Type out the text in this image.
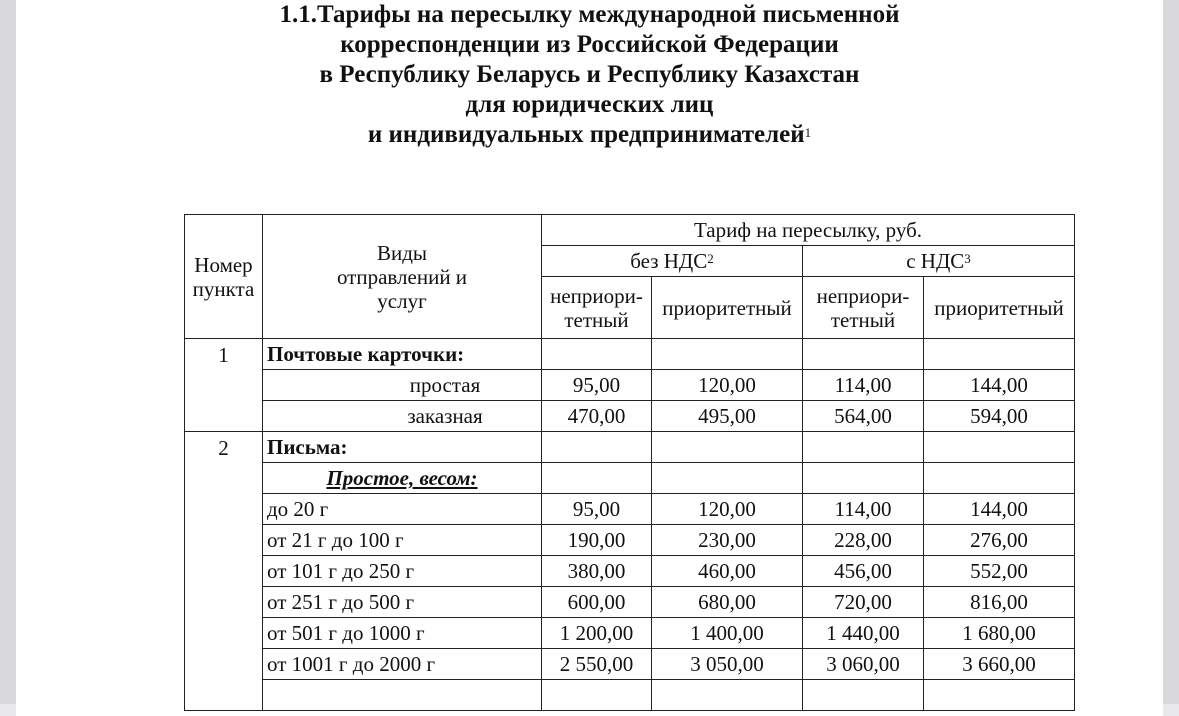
1.1.Тарифы на пересылку международной письменной
корреспонденции из Российской Федерации
в Республику Беларусь и Республику Казахстан
для юридических лиц
и индивидуальных предпринимателей$^1$
Номер пункта	Виды отправлений и услуг	Тариф на пересылку, руб.			
		без НДС$^2$		с НДС$^3$
		неприори-тетный	приоритетный	неприори-тетный	приоритетный
1	Почтовые карточки:				
	простая	95,00	120,00	114,00	144,00
	заказная	470,00	495,00	564,00	594,00
2	Письма:				
	Простое, весом:				
	до 20 г	95,00	120,00	114,00	144,00
	от 21 г до 100 г	190,00	230,00	228,00	276,00
	от 101 г до 250 г	380,00	460,00	456,00	552,00
	от 251 г до 500 г	600,00	680,00	720,00	816,00
	от 501 г до 1000 г	1 200,00	1 400,00	1 440,00	1 680,00
	от 1001 г до 2000 г	2 550,00	3 050,00	3 060,00	3 660,00
